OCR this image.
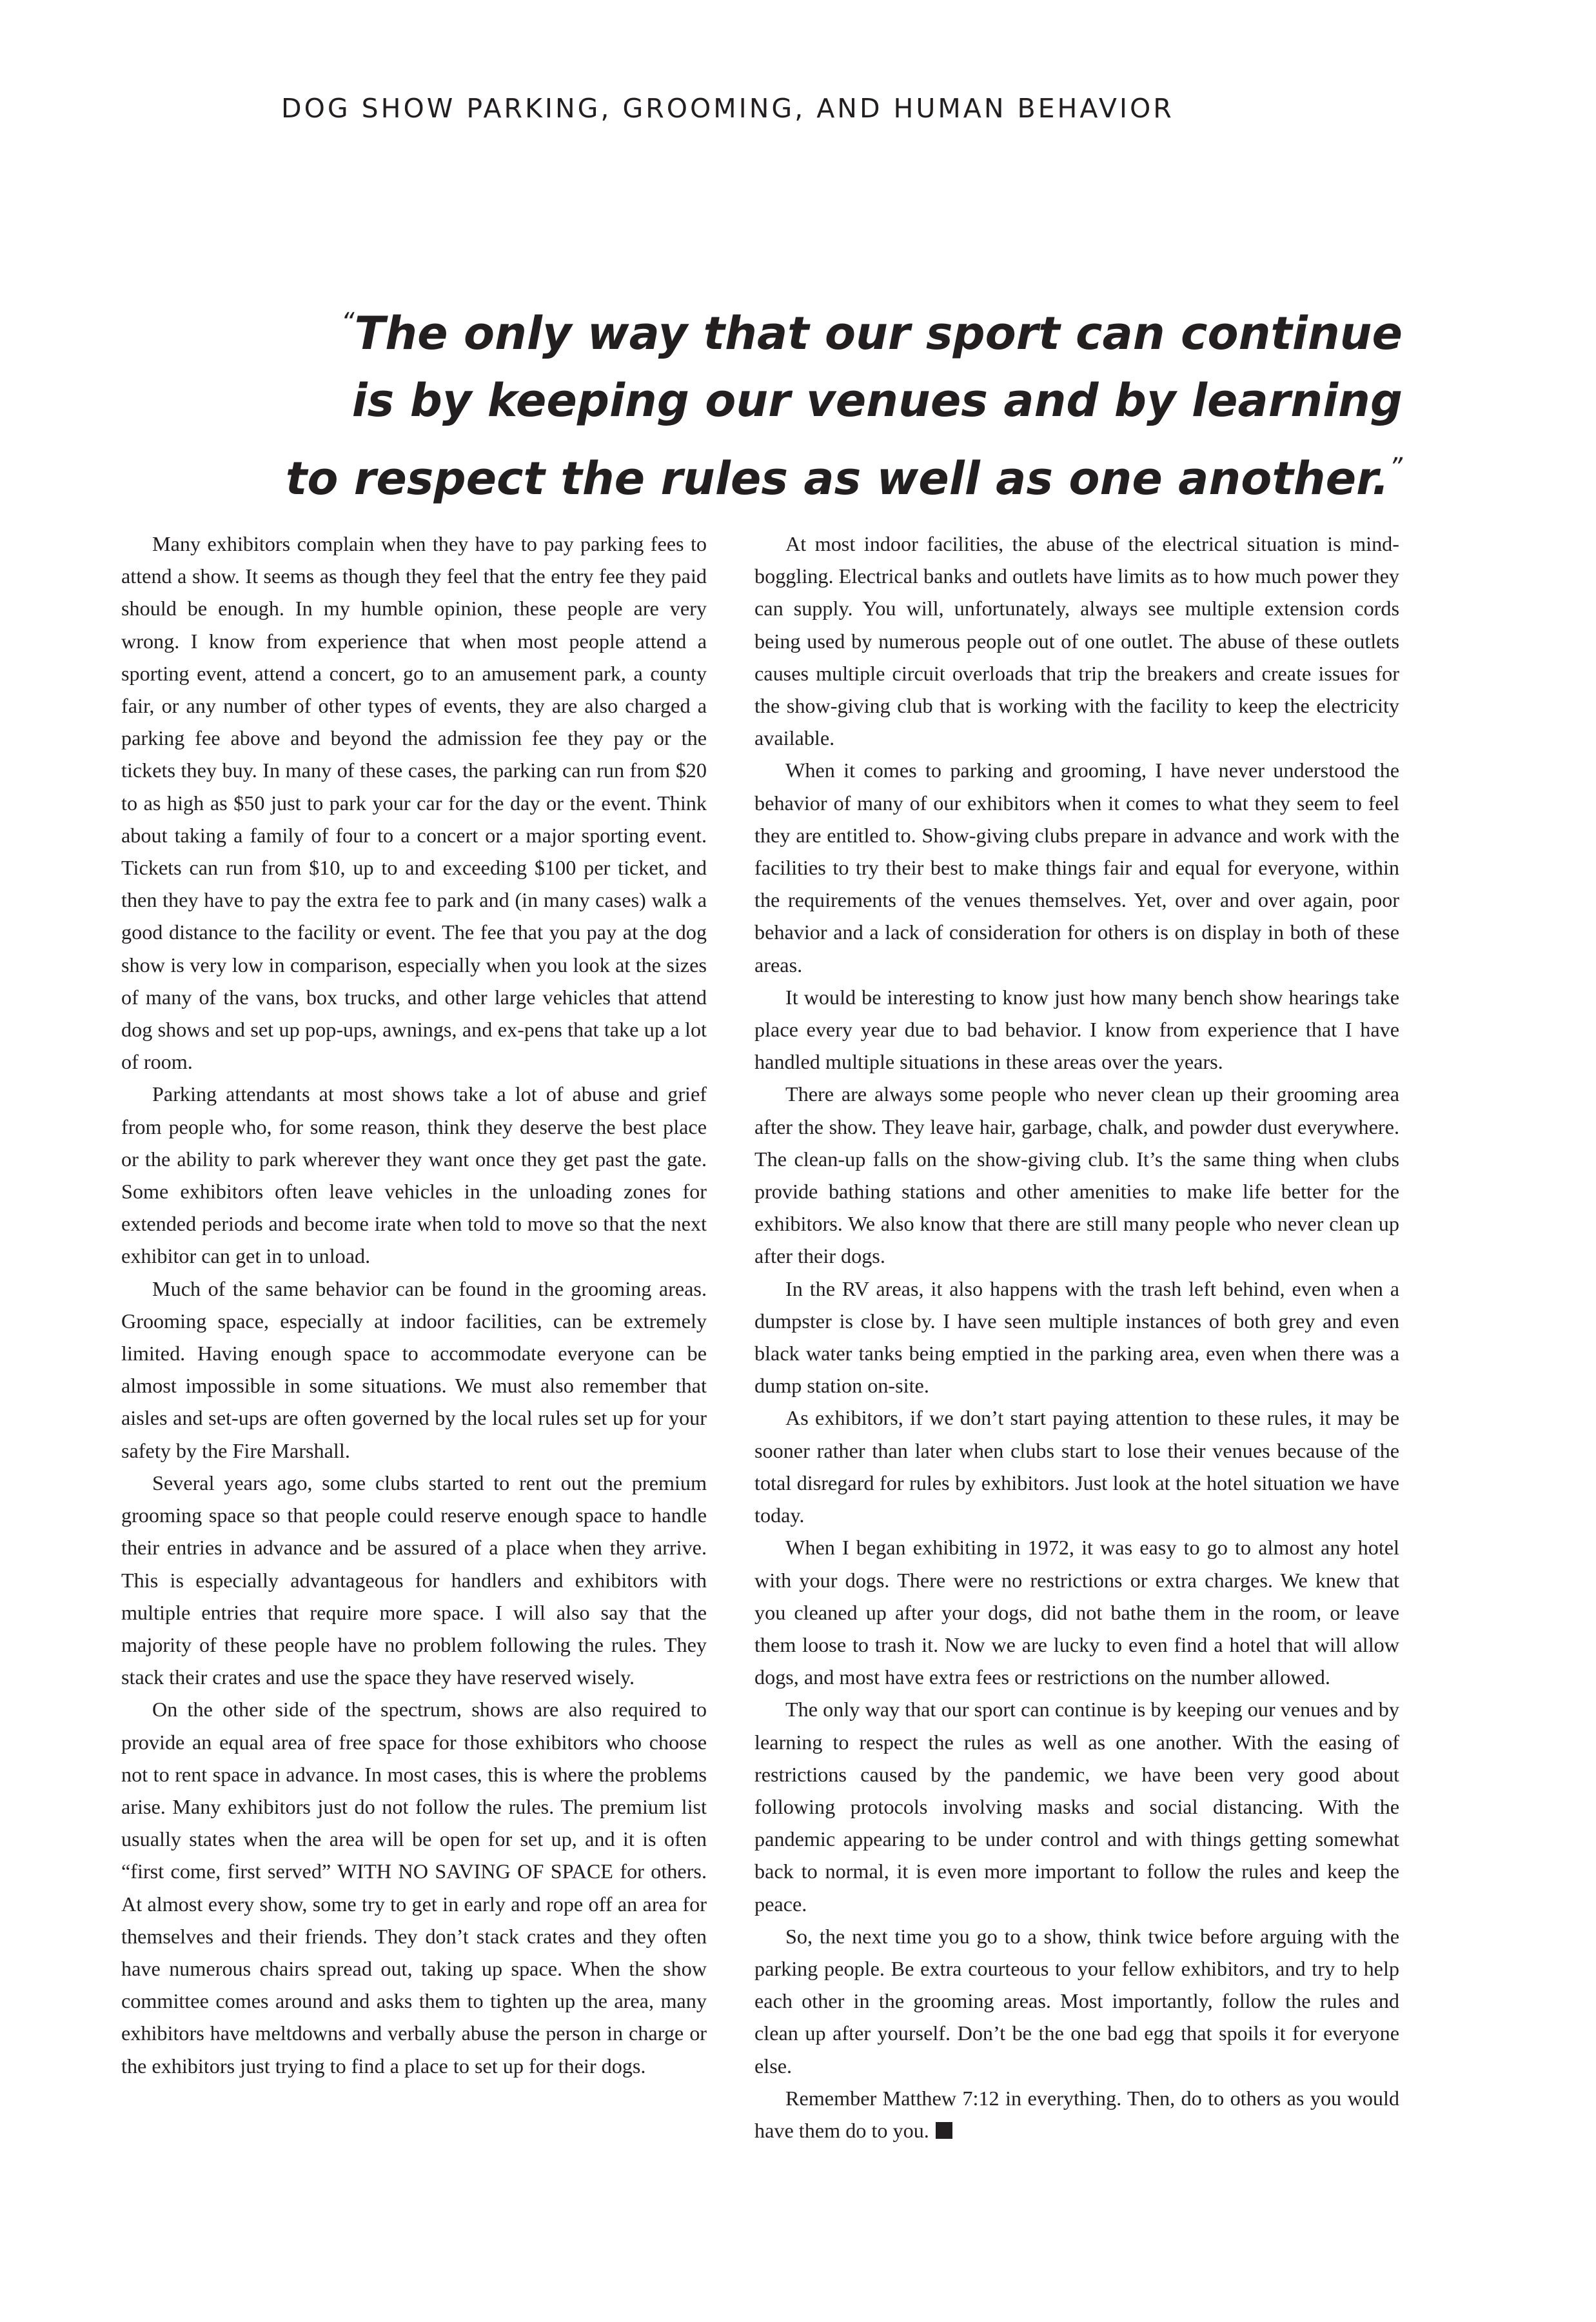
DOG SHOW PARKING, GROOMING, AND HUMAN BEHAVIOR
“The only way that our sport can continue
is by keeping our venues and by learning
to respect the rules as well as one another.”

Many exhibitors complain when they have to pay parking fees to attend a show. It seems as though they feel that the entry fee they paid should be enough. In my humble opinion, these people are very wrong. I know from experience that when most people attend a sporting event, attend a concert, go to an amusement park, a county fair, or any number of other types of events, they are also charged a parking fee above and beyond the admission fee they pay or the tickets they buy. In many of these cases, the parking can run from $20 to as high as $50 just to park your car for the day or the event. Think about taking a family of four to a concert or a major sporting event. Tickets can run from $10, up to and exceeding $100 per ticket, and then they have to pay the extra fee to park and (in many cases) walk a good distance to the facility or event. The fee that you pay at the dog show is very low in comparison, especially when you look at the sizes of many of the vans, box trucks, and other large vehicles that attend dog shows and set up pop-ups, awnings, and ex-pens that take up a lot of room.

Parking attendants at most shows take a lot of abuse and grief from people who, for some reason, think they deserve the best place or the ability to park wherever they want once they get past the gate. Some exhibitors often leave vehicles in the unloading zones for extended periods and become irate when told to move so that the next exhibitor can get in to unload.

Much of the same behavior can be found in the grooming areas. Grooming space, especially at indoor facilities, can be extremely limited. Having enough space to accommodate everyone can be almost impossible in some situations. We must also remember that aisles and set-ups are often governed by the local rules set up for your safety by the Fire Marshall.

Several years ago, some clubs started to rent out the premium grooming space so that people could reserve enough space to handle their entries in advance and be assured of a place when they arrive. This is especially advantageous for handlers and exhibitors with multiple entries that require more space. I will also say that the majority of these people have no problem following the rules. They stack their crates and use the space they have reserved wisely.

On the other side of the spectrum, shows are also required to provide an equal area of free space for those exhibitors who choose not to rent space in advance. In most cases, this is where the problems arise. Many exhibitors just do not follow the rules. The premium list usually states when the area will be open for set up, and it is often “first come, first served” WITH NO SAVING OF SPACE for others. At almost every show, some try to get in early and rope off an area for themselves and their friends. They don’t stack crates and they often have numerous chairs spread out, taking up space. When the show committee comes around and asks them to tighten up the area, many exhibitors have meltdowns and verbally abuse the person in charge or the exhibitors just trying to find a place to set up for their dogs.

At most indoor facilities, the abuse of the electrical situation is mind-boggling. Electrical banks and outlets have limits as to how much power they can supply. You will, unfortunately, always see multiple extension cords being used by numerous people out of one outlet. The abuse of these outlets causes multiple circuit overloads that trip the breakers and create issues for the show-giving club that is working with the facility to keep the electricity available.

When it comes to parking and grooming, I have never understood the behavior of many of our exhibitors when it comes to what they seem to feel they are entitled to. Show-giving clubs prepare in advance and work with the facilities to try their best to make things fair and equal for everyone, within the requirements of the venues themselves. Yet, over and over again, poor behavior and a lack of consideration for others is on display in both of these areas.

It would be interesting to know just how many bench show hearings take place every year due to bad behavior. I know from experience that I have handled multiple situations in these areas over the years.

There are always some people who never clean up their grooming area after the show. They leave hair, garbage, chalk, and powder dust everywhere. The clean-up falls on the show-giving club. It’s the same thing when clubs provide bathing stations and other amenities to make life better for the exhibitors. We also know that there are still many people who never clean up after their dogs.

In the RV areas, it also happens with the trash left behind, even when a dumpster is close by. I have seen multiple instances of both grey and even black water tanks being emptied in the parking area, even when there was a dump station on-site.

As exhibitors, if we don’t start paying attention to these rules, it may be sooner rather than later when clubs start to lose their venues because of the total disregard for rules by exhibitors. Just look at the hotel situation we have today.

When I began exhibiting in 1972, it was easy to go to almost any hotel with your dogs. There were no restrictions or extra charges. We knew that you cleaned up after your dogs, did not bathe them in the room, or leave them loose to trash it. Now we are lucky to even find a hotel that will allow dogs, and most have extra fees or restrictions on the number allowed.

The only way that our sport can continue is by keeping our venues and by learning to respect the rules as well as one another. With the easing of restrictions caused by the pandemic, we have been very good about following protocols involving masks and social distancing. With the pandemic appearing to be under control and with things getting somewhat back to normal, it is even more important to follow the rules and keep the peace.

So, the next time you go to a show, think twice before arguing with the parking people. Be extra courteous to your fellow exhibitors, and try to help each other in the grooming areas. Most importantly, follow the rules and clean up after yourself. Don’t be the one bad egg that spoils it for everyone else.

Remember Matthew 7:12 in everything. Then, do to others as you would have them do to you.
